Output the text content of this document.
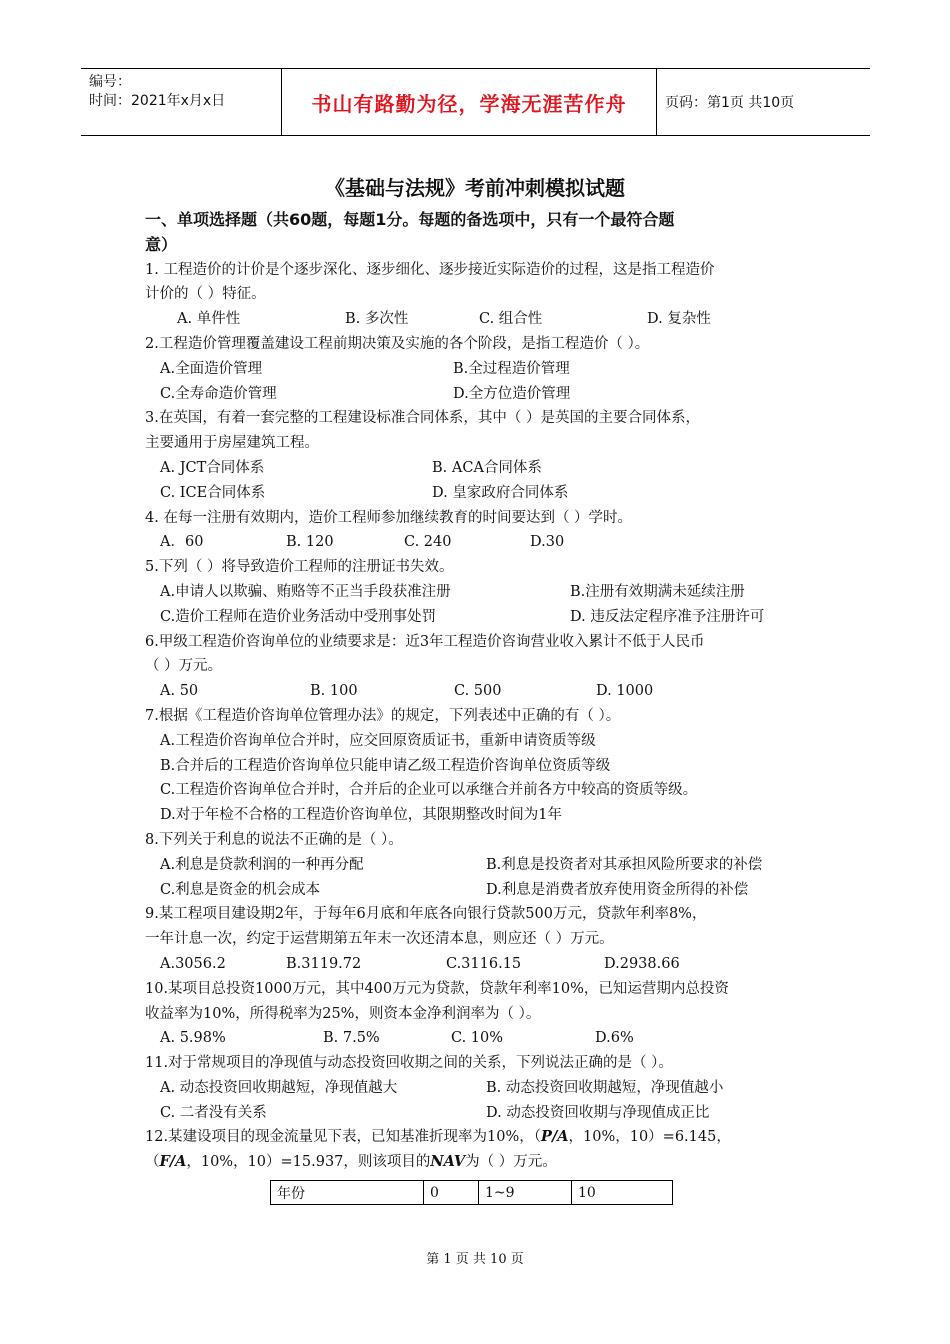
编号：
时间：2021年x月x日	书山有路勤为径，学海无涯苦作舟	页码：第1页 共10页
《基础与法规》考前冲刺模拟试题
一、单项选择题（共60题，每题1分。每题的备选项中，只有一个最符合题
意）

1. 工程造价的计价是个逐步深化、逐步细化、逐步接近实际造价的过程，这是指工程造价

计价的（ ）特征。

A. 单件性	B. 多次性	C. 组合性	D. 复杂性

2.工程造价管理覆盖建设工程前期决策及实施的各个阶段，是指工程造价（ ）。

A.全面造价管理	B.全过程造价管理
C.全寿命造价管理	D.全方位造价管理

3.在英国，有着一套完整的工程建设标准合同体系，其中（ ）是英国的主要合同体系，

主要通用于房屋建筑工程。

A. JCT合同体系	B. ACA合同体系
C. ICE合同体系	D. 皇家政府合同体系

4. 在每一注册有效期内，造价工程师参加继续教育的时间要达到（ ）学时。

A．60	B. 120	C. 240	D.30

5.下列（ ）将导致造价工程师的注册证书失效。

A.申请人以欺骗、贿赂等不正当手段获准注册	B.注册有效期满未延续注册
C.造价工程师在造价业务活动中受刑事处罚	D. 违反法定程序准予注册许可

6.甲级工程造价咨询单位的业绩要求是：近3年工程造价咨询营业收入累计不低于人民币

（ ）万元。

A. 50	B. 100	C. 500	D. 1000

7.根据《工程造价咨询单位管理办法》的规定，下列表述中正确的有（ ）。

A.工程造价咨询单位合并时，应交回原资质证书，重新申请资质等级

B.合并后的工程造价咨询单位只能申请乙级工程造价咨询单位资质等级

C.工程造价咨询单位合并时，合并后的企业可以承继合并前各方中较高的资质等级。

D.对于年检不合格的工程造价咨询单位，其限期整改时间为1年

8.下列关于利息的说法不正确的是（ ）。

A.利息是贷款利润的一种再分配	B.利息是投资者对其承担风险所要求的补偿
C.利息是资金的机会成本	D.利息是消费者放弃使用资金所得的补偿

9.某工程项目建设期2年，于每年6月底和年底各向银行贷款500万元，贷款年利率8%，

一年计息一次，约定于运营期第五年末一次还清本息，则应还（ ）万元。

A.3056.2	B.3119.72	C.3116.15	D.2938.66

10.某项目总投资1000万元，其中400万元为贷款，贷款年利率10%，已知运营期内总投资

收益率为10%，所得税率为25%，则资本金净利润率为（ ）。

A. 5.98%	B. 7.5%	C. 10%	D.6%

11.对于常规项目的净现值与动态投资回收期之间的关系，下列说法正确的是（ ）。

A. 动态投资回收期越短，净现值越大	B. 动态投资回收期越短，净现值越小
C. 二者没有关系	D. 动态投资回收期与净现值成正比

12.某建设项目的现金流量见下表，已知基准折现率为10%，（P/A，10%，10）=6.145，

（F/A，10%，10）=15.937，则该项目的NAV为（ ）万元。

年份	0	1~9	10
第 1 页 共 10 页
